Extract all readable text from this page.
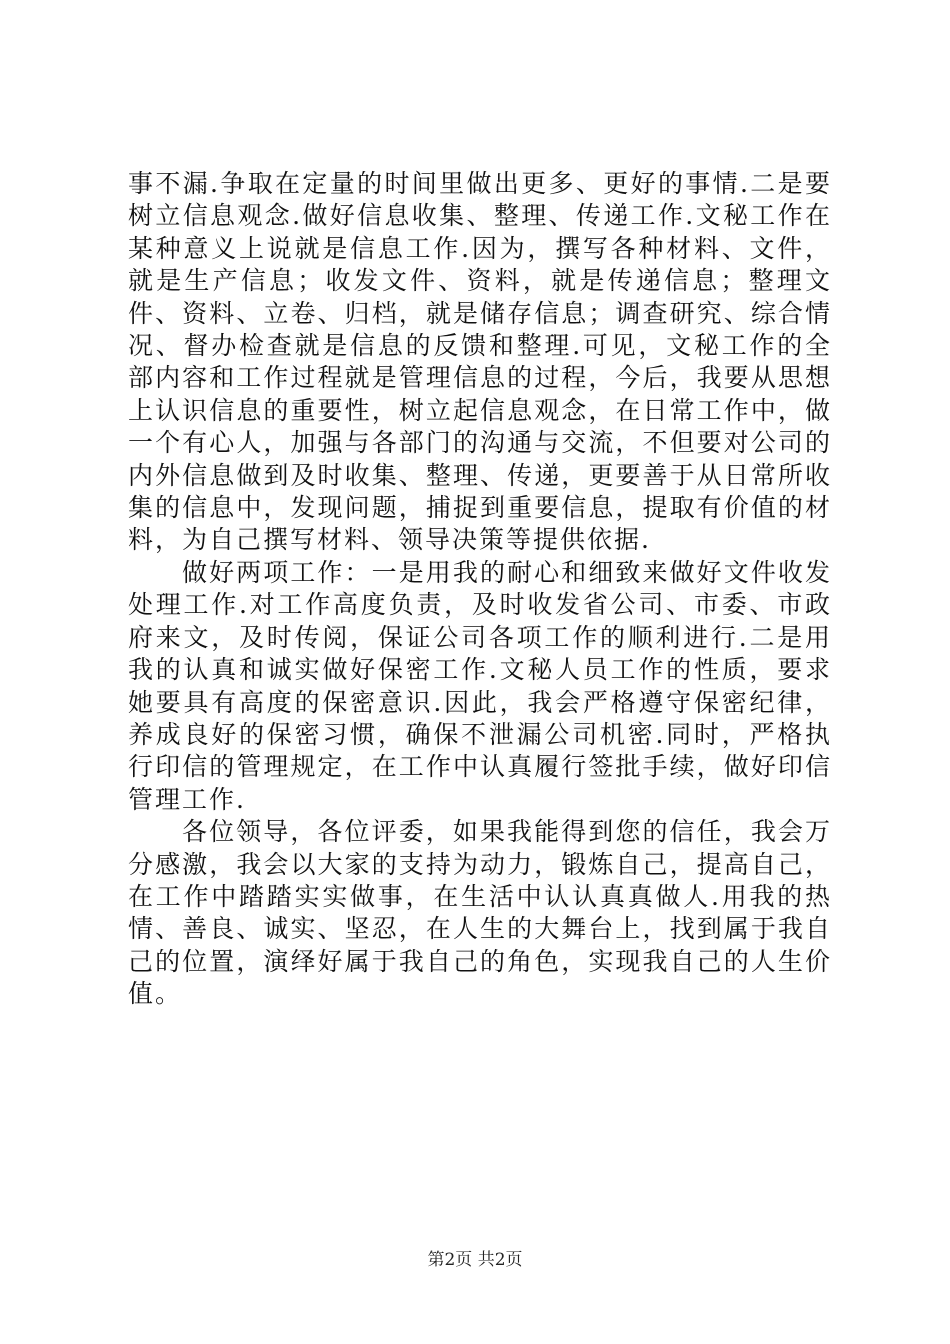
事不漏.争取在定量的时间里做出更多、更好的事情.二是要树立信息观念.做好信息收集、整理、传递工作.文秘工作在某种意义上说就是信息工作.因为，撰写各种材料、文件，就是生产信息；收发文件、资料，就是传递信息；整理文件、资料、立卷、归档，就是储存信息；调查研究、综合情况、督办检查就是信息的反馈和整理.可见，文秘工作的全部内容和工作过程就是管理信息的过程，今后，我要从思想上认识信息的重要性，树立起信息观念，在日常工作中，做一个有心人，加强与各部门的沟通与交流，不但要对公司的内外信息做到及时收集、整理、传递，更要善于从日常所收集的信息中，发现问题，捕捉到重要信息，提取有价值的材料，为自己撰写材料、领导决策等提供依据.

做好两项工作：一是用我的耐心和细致来做好文件收发处理工作.对工作高度负责，及时收发省公司、市委、市政府来文，及时传阅，保证公司各项工作的顺利进行.二是用我的认真和诚实做好保密工作.文秘人员工作的性质，要求她要具有高度的保密意识.因此，我会严格遵守保密纪律，养成良好的保密习惯，确保不泄漏公司机密.同时，严格执行印信的管理规定，在工作中认真履行签批手续，做好印信管理工作.

各位领导，各位评委，如果我能得到您的信任，我会万分感激，我会以大家的支持为动力，锻炼自己，提高自己，在工作中踏踏实实做事，在生活中认认真真做人.用我的热情、善良、诚实、坚忍，在人生的大舞台上，找到属于我自己的位置，演绎好属于我自己的角色，实现我自己的人生价值。

第2页 共2页
